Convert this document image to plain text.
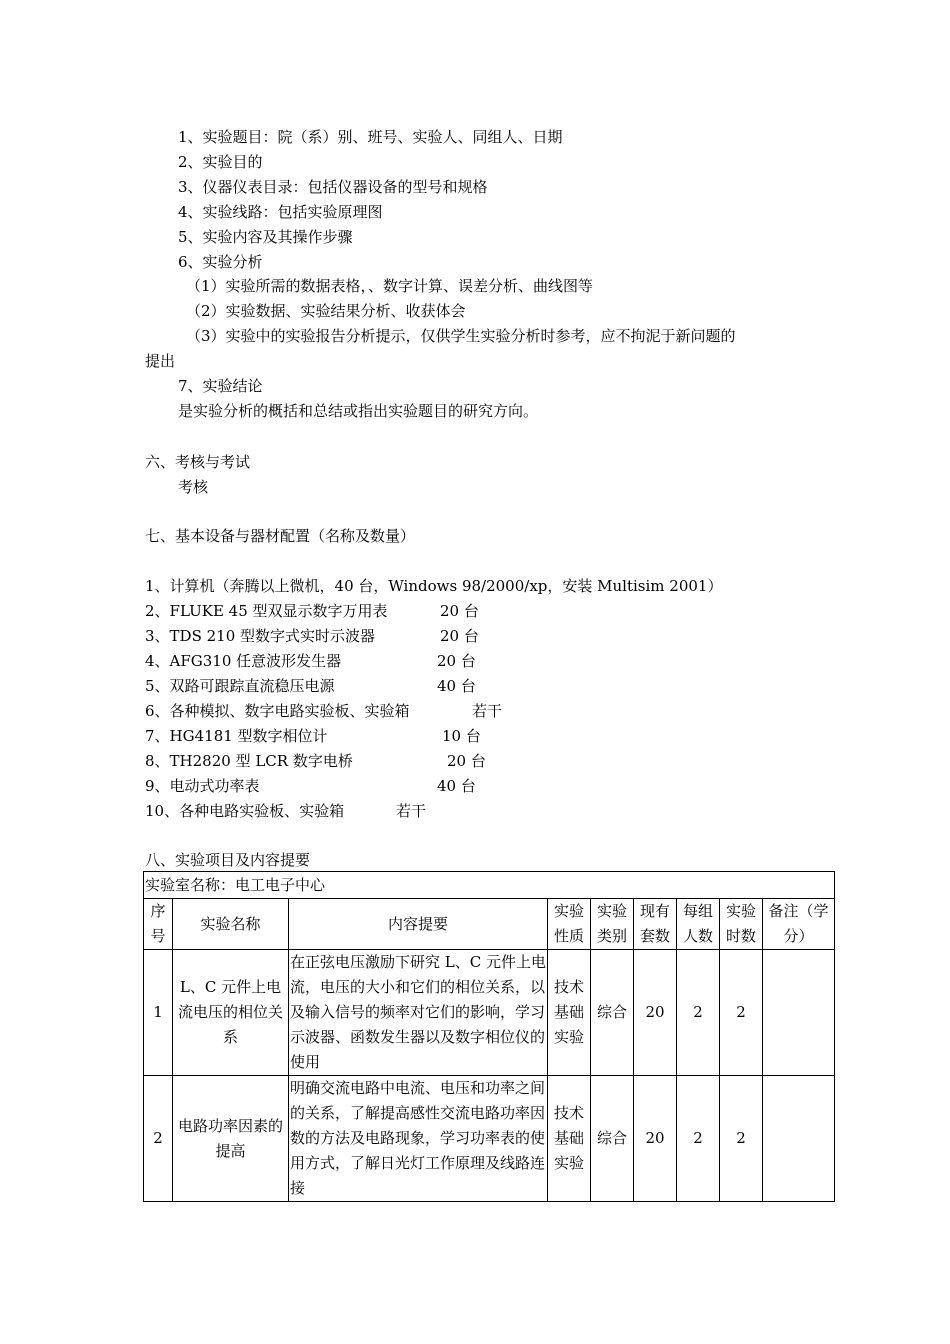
1、实验题目：院（系）别、班号、实验人、同组人、日期
2、实验目的
3、仪器仪表目录：包括仪器设备的型号和规格
4、实验线路：包括实验原理图
5、实验内容及其操作步骤
6、实验分析
（1）实验所需的数据表格，、数字计算、误差分析、曲线图等
（2）实验数据、实验结果分析、收获体会
（3）实验中的实验报告分析提示，仅供学生实验分析时参考，应不拘泥于新问题的
提出
7、实验结论
是实验分析的概括和总结或指出实验题目的研究方向。
六、考核与考试
考核
七、基本设备与器材配置（名称及数量）
1、计算机（奔腾以上微机，40 台，Windows 98/2000/xp，安装 Multisim 2001）
2、FLUKE 45 型双显示数字万用表	20 台
3、TDS 210 型数字式实时示波器	20 台
4、AFG310 任意波形发生器	20 台
5、双路可跟踪直流稳压电源	40 台
6、各种模拟、数字电路实验板、实验箱	若干
7、HG4181 型数字相位计	10 台
8、TH2820 型 LCR 数字电桥	20 台
9、电动式功率表	40 台
10、各种电路实验板、实验箱	若干
八、实验项目及内容提要
实验室名称：电工电子中心								
序号	实验名称	内容提要	实验性质	实验类别	现有套数	每组人数	实验时数	备注（学分）
1	L、C 元件上电流电压的相位关系	在正弦电压激励下研究 L、C 元件上电流，电压的大小和它们的相位关系，以及输入信号的频率对它们的影响，学习示波器、函数发生器以及数字相位仪的使用	技术基础实验	综合	20	2	2	
2	电路功率因素的提高	明确交流电路中电流、电压和功率之间的关系，了解提高感性交流电路功率因数的方法及电路现象，学习功率表的使用方式，了解日光灯工作原理及线路连接	技术基础实验	综合	20	2	2	
